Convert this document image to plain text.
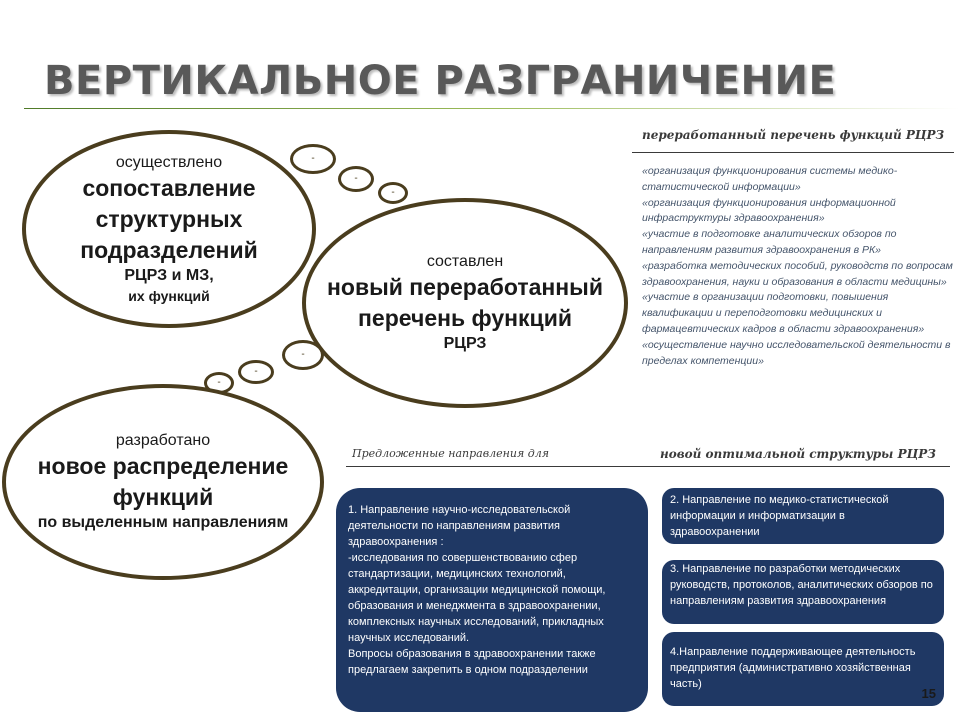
ВЕРТИКАЛЬНОЕ РАЗГРАНИЧЕНИЕ
осуществлено
сопоставление структурных подразделений
РЦРЗ и МЗ,
их функций
-
-
-
составлен
новый переработанный перечень функций
РЦРЗ
-
-
-
разработано
новое распределение функций
по выделенным направлениям
переработанный перечень функций РЦРЗ
«организация функционирования системы медико-статистической информации»
«организация функционирования информационной инфраструктуры здравоохранения»
«участие в подготовке аналитических обзоров по направлениям развития здравоохранения в РК»
«разработка методических пособий, руководств по вопросам здравоохранения, науки и образования в области медицины»
«участие в организации подготовки, повышения квалификации и переподготовки медицинских и фармацевтических кадров в области здравоохранения»
«осуществление научно исследовательской деятельности в пределах компетенции»
Предложенные направления для	новой оптимальной структуры РЦРЗ

1. Направление научно-исследовательской деятельности по направлениям развития здравоохранения :
-исследования по совершенствованию сфер стандартизации, медицинских технологий, аккредитации, организации медицинской помощи, образования и менеджмента в здравоохранении, комплексных научных исследований, прикладных научных исследований.
Вопросы образования в здравоохранении также предлагаем закрепить в одном подразделении

2. Направление по медико-статистической информации и информатизации в здравоохранении

3. Направление по разработки методических руководств, протоколов, аналитических обзоров по направлениям развития здравоохранения

4.Направление поддерживающее деятельность предприятия (административно хозяйственная часть)

15
